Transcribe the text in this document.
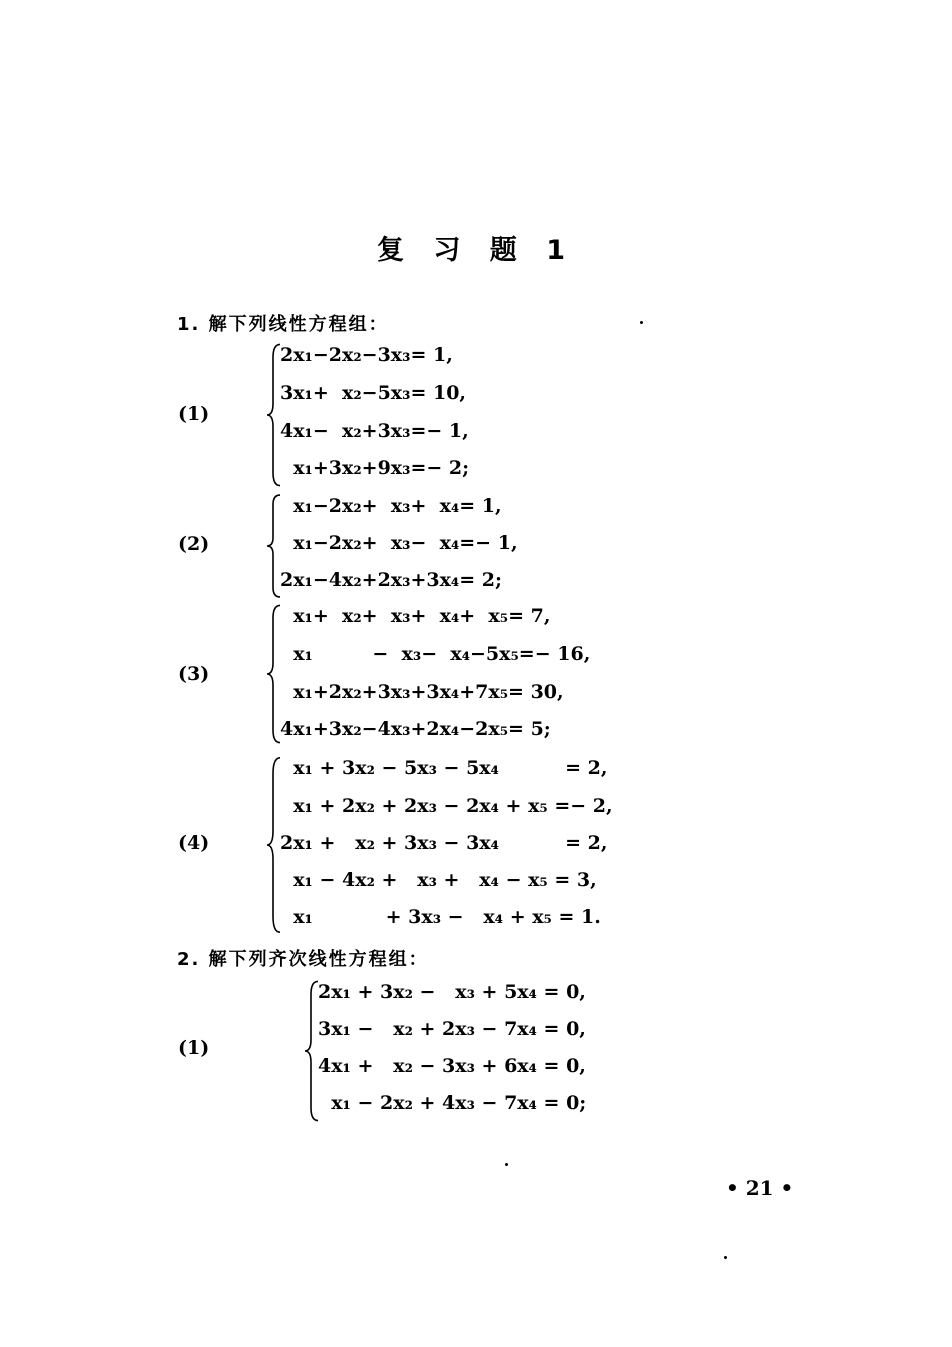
复 习 题 1
1. 解下列线性方程组：
(1)
2x₁−2x₂−3x₃= 1,
3x₁+  x₂−5x₃= 10,
4x₁−  x₂+3x₃=− 1,
x₁+3x₂+9x₃=− 2;
(2)
x₁−2x₂+  x₃+  x₄= 1,
x₁−2x₂+  x₃−  x₄=− 1,
2x₁−4x₂+2x₃+3x₄= 2;
(3)
x₁+  x₂+  x₃+  x₄+  x₅= 7,
x₁         −  x₃−  x₄−5x₅=− 16,
x₁+2x₂+3x₃+3x₄+7x₅= 30,
4x₁+3x₂−4x₃+2x₄−2x₅= 5;
(4)
x₁ + 3x₂ − 5x₃ − 5x₄          = 2,
x₁ + 2x₂ + 2x₃ − 2x₄ + x₅ =− 2,
2x₁ +   x₂ + 3x₃ − 3x₄          = 2,
x₁ − 4x₂ +   x₃ +   x₄ − x₅ = 3,
x₁           + 3x₃ −   x₄ + x₅ = 1.
2. 解下列齐次线性方程组：
(1)
2x₁ + 3x₂ −   x₃ + 5x₄ = 0,
3x₁ −   x₂ + 2x₃ − 7x₄ = 0,
4x₁ +   x₂ − 3x₃ + 6x₄ = 0,
x₁ − 2x₂ + 4x₃ − 7x₄ = 0;
• 21 •
